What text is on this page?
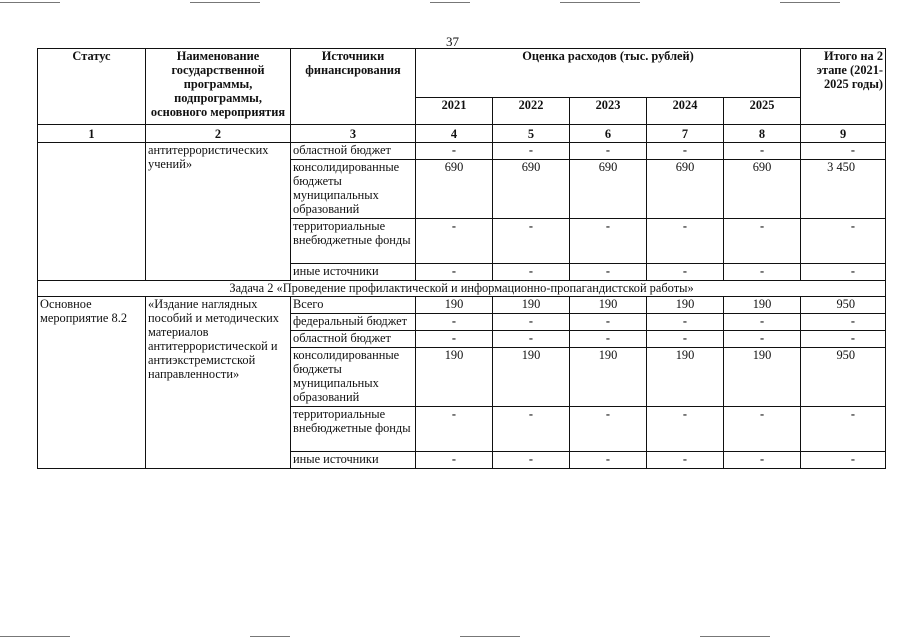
37
Статус	Наименование государственной программы, подпрограммы, основного мероприятия	Источники финансирования	Оценка расходов (тыс. рублей)					Итого на 2 этапе (2021-2025 годы)
			2021	2022	2023	2024	2025	
1	2	3	4	5	6	7	8	9
	антитеррористических учений»	областной бюджет	-	-	-	-	-	-
		консолидированные бюджеты муниципальных образований	690	690	690	690	690	3 450
		территориальные внебюджетные фонды	-	-	-	-	-	-
		иные источники	-	-	-	-	-	-
Задача 2 «Проведение профилактической и информационно-пропагандистской работы»								
Основное мероприятие 8.2	«Издание наглядных пособий и методических материалов антитеррористической и антиэкстремистской направленности»	Всего	190	190	190	190	190	950
		федеральный бюджет	-	-	-	-	-	-
		областной бюджет	-	-	-	-	-	-
		консолидированные бюджеты муниципальных образований	190	190	190	190	190	950
		территориальные внебюджетные фонды	-	-	-	-	-	-
		иные источники	-	-	-	-	-	-
